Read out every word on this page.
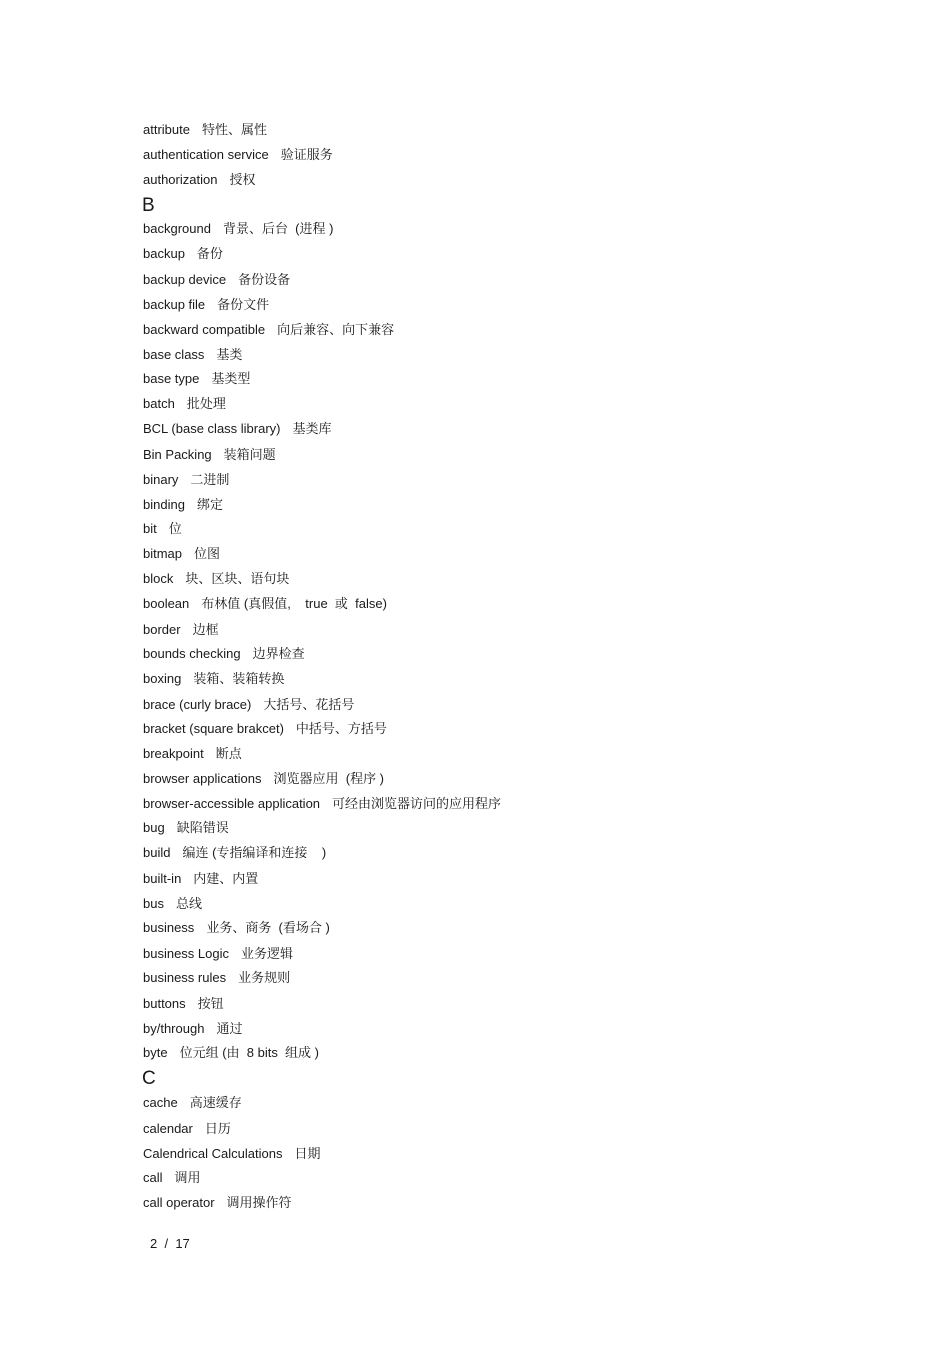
attribute 特性、属性
authentication service 验证服务
authorization 授权
B
background 背景、后台  (进程 )
backup 备份
backup device 备份设备
backup file 备份文件
backward compatible 向后兼容、向下兼容
base class 基类
base type 基类型
batch 批处理
BCL (base class library) 基类库
Bin Packing 装箱问题
binary 二进制
binding 绑定
bit 位
bitmap 位图
block 块、区块、语句块
boolean 布林值 (真假值,    true  或  false)
border 边框
bounds checking 边界检查
boxing 装箱、装箱转换
brace (curly brace) 大括号、花括号
bracket (square brakcet) 中括号、方括号
breakpoint 断点
browser applications 浏览器应用  (程序 )
browser-accessible application 可经由浏览器访问的应用程序
bug 缺陷错误
build 编连 (专指编译和连接    )
built-in 内建、内置
bus 总线
business 业务、商务  (看场合 )
business Logic 业务逻辑
business rules 业务规则
buttons 按钮
by/through 通过
byte 位元组 (由  8 bits  组成 )
C
cache 高速缓存
calendar 日历
Calendrical Calculations 日期
call 调用
call operator 调用操作符
2 / 17
